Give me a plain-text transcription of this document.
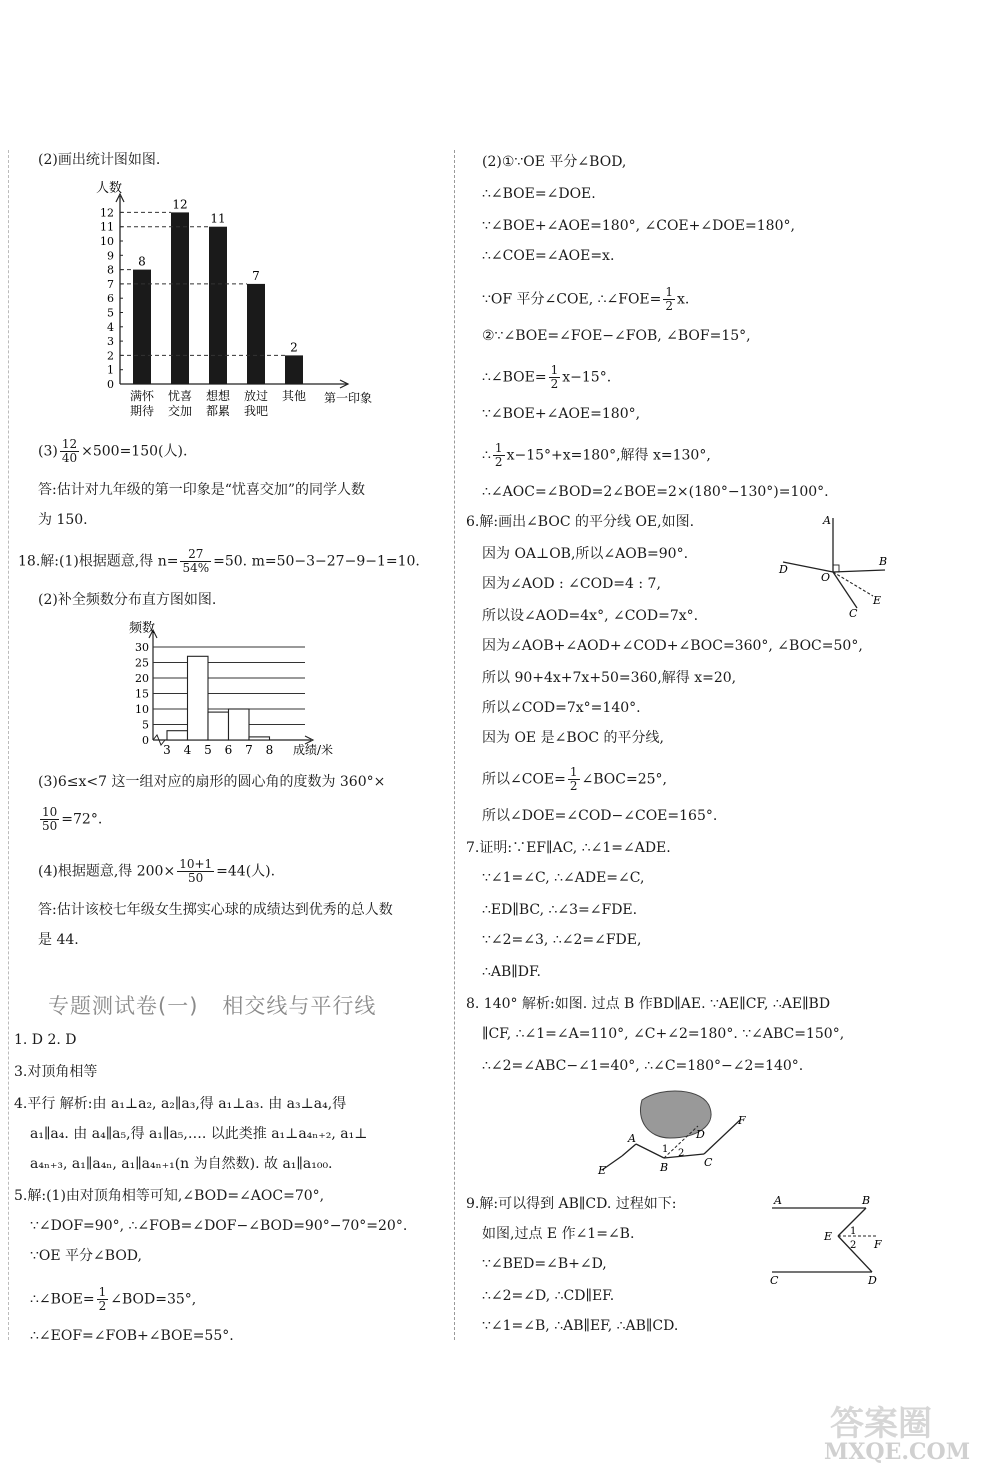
(2)画出统计图如图.
人数
0
1
2
3
4
5
6
7
8
9
10
11
12
8
满怀
期待
12
忧喜
交加
11
想想
都累
7
放过
我吧
2
其他 第一印象
$(3) \frac{12}{40} \times 500=150$(人).
答:估计对九年级的第一印象是“忧喜交加”的同学人数
为 150.
18.解:(1)根据题意,得 $n= \frac{27}{54\%} =50$. m=50−3−27−9−1=10.
(2)补全频数分布直方图如图.
频数
0
5
10
15
20
25
30
3 4 5 6 7 8 成绩/米
(3)6≤x<7 这一组对应的扇形的圆心角的度数为 360°×
$\frac{10}{50} =72^\circ$.
(4)根据题意,得 $200\times \frac{10+1}{50} =44$(人).
答:估计该校七年级女生掷实心球的成绩达到优秀的总人数
是 44.
专题测试卷(一) 相交线与平行线
1. D 2. D
3.对顶角相等
4.平行 解析:由 a₁⊥a₂, a₂∥a₃,得 a₁⊥a₃. 由 a₃⊥a₄,得
a₁∥a₄. 由 a₄∥a₅,得 a₁∥a₅,…. 以此类推 a₁⊥a₄ₙ₊₂, a₁⊥
a₄ₙ₊₃, a₁∥a₄ₙ, a₁∥a₄ₙ₊₁(n 为自然数). 故 a₁∥a₁₀₀.
5.解:(1)由对顶角相等可知,∠BOD=∠AOC=70°,
∵∠DOF=90°, ∴∠FOB=∠DOF−∠BOD=90°−70°=20°.
∵OE 平分∠BOD,
∴∠BOE= $\frac{1}{2}$ ∠BOD=35°,
∴∠EOF=∠FOB+∠BOE=55°.
(2)①∵OE 平分∠BOD,
∴∠BOE=∠DOE.
∵∠BOE+∠AOE=180°, ∠COE+∠DOE=180°,
∴∠COE=∠AOE=x.
∵OF 平分∠COE, ∴∠FOE= $\frac{1}{2} x$.
②∵∠BOE=∠FOE−∠FOB, ∠BOF=15°,
∴∠BOE= $\frac{1}{2} x-15^\circ$.
∵∠BOE+∠AOE=180°,
∴ $\frac{1}{2} x-15^\circ+x=180^\circ$,解得 x=130°,
∴∠AOC=∠BOD=2∠BOE=2×(180°−130°)=100°.
6.解:画出∠BOC 的平分线 OE,如图.
因为 OA⊥OB,所以∠AOB=90°.
因为∠AOD : ∠COD=4 : 7,
所以设∠AOD=4x°, ∠COD=7x°.
因为∠AOB+∠AOD+∠COD+∠BOC=360°, ∠BOC=50°,
所以 90+4x+7x+50=360,解得 x=20,
所以∠COD=7x°=140°.
因为 OE 是∠BOC 的平分线,
所以∠COE= $\frac{1}{2}$ ∠BOC=25°,
所以∠DOE=∠COD−∠COE=165°.
7.证明:∵EF∥AC, ∴∠1=∠ADE.
∵∠1=∠C, ∴∠ADE=∠C,
∴ED∥BC, ∴∠3=∠FDE.
∵∠2=∠3, ∴∠2=∠FDE,
∴AB∥DF.
8. 140° 解析:如图. 过点 B 作BD∥AE. ∵AE∥CF, ∴AE∥BD
∥CF, ∴∠1=∠A=110°, ∠C+∠2=180°. ∵∠ABC=150°,
∴∠2=∠ABC−∠1=40°, ∴∠C=180°−∠2=140°.
9.解:可以得到 AB∥CD. 过程如下:
如图,过点 E 作∠1=∠B.
∵∠BED=∠B+∠D,
∴∠2=∠D, ∴CD∥EF.
∵∠1=∠B, ∴AB∥EF, ∴AB∥CD.
A
B
D
O
C
E
A
B	C
D
E
F
1 2
A	B
C	D
E
F
1
2
答案圈
MXQE.COM
